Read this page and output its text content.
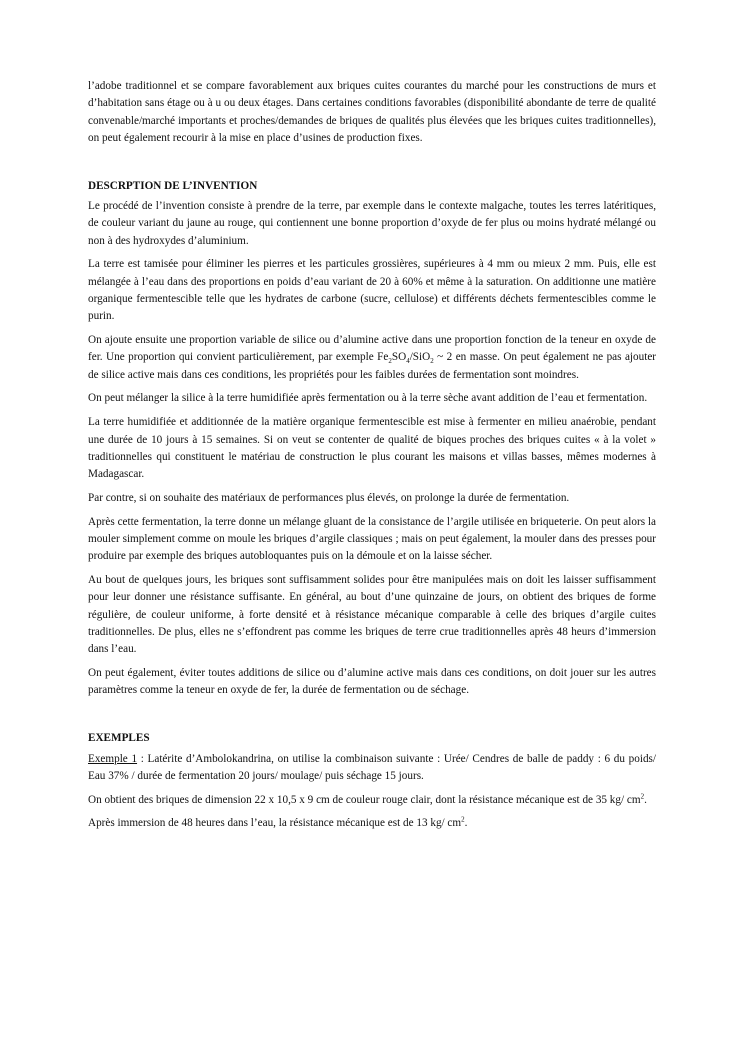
l’adobe traditionnel et se compare favorablement aux briques cuites courantes du marché pour les constructions de murs et d’habitation sans étage ou à u ou deux étages. Dans certaines conditions favorables (disponibilité abondante de terre de qualité convenable/marché importants et proches/demandes de briques de qualités plus élevées que les briques cuites traditionnelles), on peut également recourir à la mise en place d’usines de production fixes.

DESCRPTION DE L’INVENTION

Le procédé de l’invention consiste à prendre de la terre, par exemple dans le contexte malgache, toutes les terres latéritiques, de couleur variant du jaune au rouge, qui contiennent une bonne proportion d’oxyde de fer plus ou moins hydraté mélangé ou non à des hydroxydes d’aluminium.

La terre est tamisée pour éliminer les pierres et les particules grossières, supérieures à 4 mm ou mieux 2 mm. Puis, elle est mélangée à l’eau dans des proportions en poids d’eau variant de 20 à 60% et même à la saturation. On additionne une matière organique fermentescible telle que les hydrates de carbone (sucre, cellulose) et différents déchets fermentescibles comme le purin.

On ajoute ensuite une proportion variable de silice ou d’alumine active dans une proportion fonction de la teneur en oxyde de fer. Une proportion qui convient particulièrement, par exemple $Fe_2SO_4/SiO_2$ ~ 2 en masse. On peut également ne pas ajouter de silice active mais dans ces conditions, les propriétés pour les faibles durées de fermentation sont moindres.

On peut mélanger la silice à la terre humidifiée après fermentation ou à la terre sèche avant addition de l’eau et fermentation.

La terre humidifiée et additionnée de la matière organique fermentescible est mise à fermenter en milieu anaérobie, pendant une durée de 10 jours à 15 semaines. Si on veut se contenter de qualité de biques proches des briques cuites « à la volet » traditionnelles qui constituent le matériau de construction le plus courant les maisons et villas basses, mêmes modernes à Madagascar.

Par contre, si on souhaite des matériaux de performances plus élevés, on prolonge la durée de fermentation.

Après cette fermentation, la terre donne un mélange gluant de la consistance de l’argile utilisée en briqueterie. On peut alors la mouler simplement comme on moule les briques d’argile classiques ; mais on peut également, la mouler dans des presses pour produire par exemple des briques autobloquantes puis on la démoule et on la laisse sécher.

Au bout de quelques jours, les briques sont suffisamment solides pour être manipulées mais on doit les laisser suffisamment pour leur donner une résistance suffisante. En général, au bout d’une quinzaine de jours, on obtient des briques de forme régulière, de couleur uniforme, à forte densité et à résistance mécanique comparable à celle des briques d’argile cuites traditionnelles. De plus, elles ne s’effondrent pas comme les briques de terre crue traditionnelles après 48 heurs d’immersion dans l’eau.

On peut également, éviter toutes additions de silice ou d’alumine active mais dans ces conditions, on doit jouer sur les autres paramètres comme la teneur en oxyde de fer, la durée de fermentation ou de séchage.

EXEMPLES

Exemple 1 : Latérite d’Ambolokandrina, on utilise la combinaison suivante : Urée/ Cendres de balle de paddy : 6 du poids/ Eau 37% / durée de fermentation 20 jours/ moulage/ puis séchage 15 jours.

On obtient des briques de dimension 22 x 10,5 x 9 cm de couleur rouge clair, dont la résistance mécanique est de 35 kg/ $cm^2$.

Après immersion de 48 heures dans l’eau, la résistance mécanique est de 13 kg/ $cm^2$.
